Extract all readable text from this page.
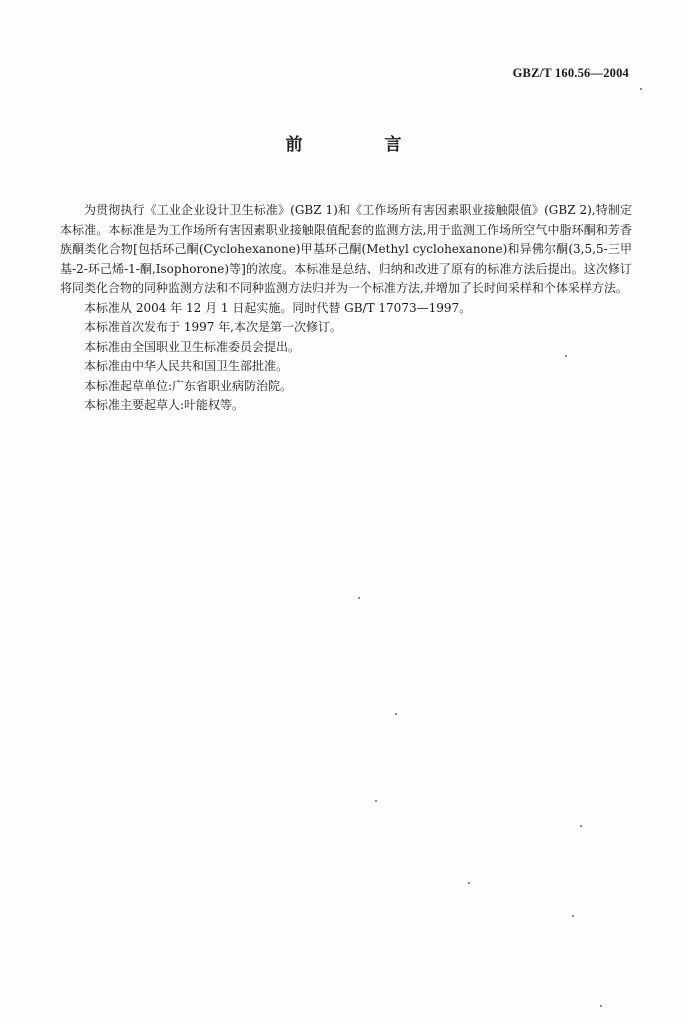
GBZ/T 160.56—2004
前 言

为贯彻执行《工业企业设计卫生标准》(GBZ 1)和《工作场所有害因素职业接触限值》(GBZ 2),特制定本标准。本标准是为工作场所有害因素职业接触限值配套的监测方法,用于监测工作场所空气中脂环酮和芳香族酮类化合物[包括环己酮(Cyclohexanone)甲基环己酮(Methyl cyclohexanone)和异佛尔酮(3,5,5-三甲基-2-环己烯-1-酮,Isophorone)等]的浓度。本标准是总结、归纳和改进了原有的标准方法后提出。这次修订将同类化合物的同种监测方法和不同种监测方法归并为一个标准方法,并增加了长时间采样和个体采样方法。

本标准从 2004 年 12 月 1 日起实施。同时代替 GB/T 17073—1997。

本标准首次发布于 1997 年,本次是第一次修订。

本标准由全国职业卫生标准委员会提出。

本标准由中华人民共和国卫生部批准。

本标准起草单位:广东省职业病防治院。

本标准主要起草人:叶能权等。
